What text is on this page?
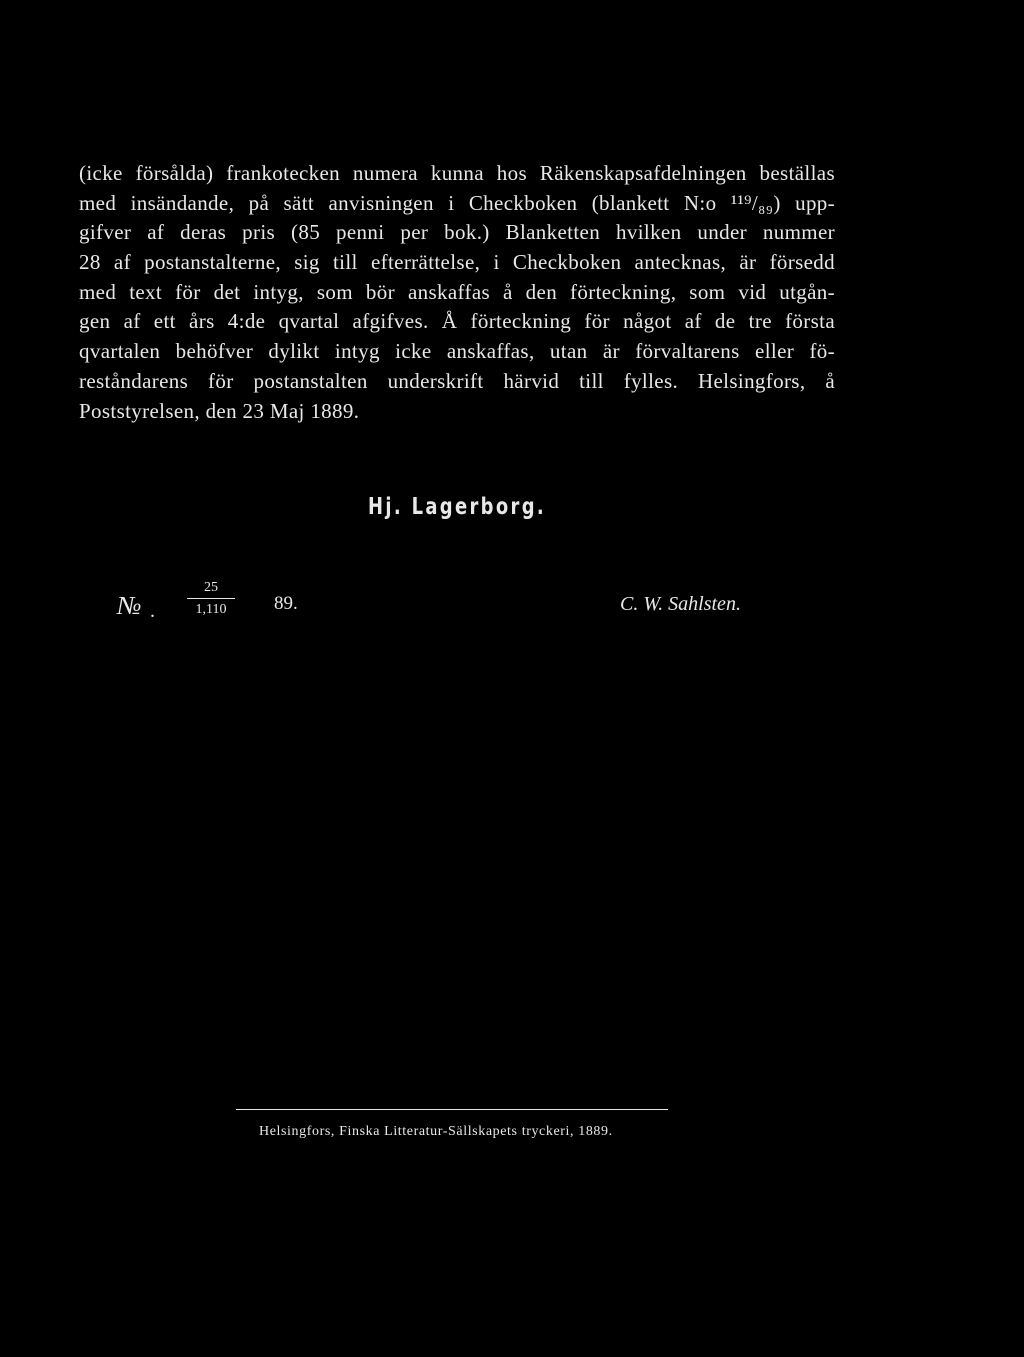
(icke försålda) frankotecken numera kunna hos Räkenskapsafdelningen beställas
med insändande, på sätt anvisningen i Checkboken (blankett N:o ¹¹⁹/₈₉) upp-
gifver af deras pris (85 penni per bok.) Blanketten hvilken under nummer
28 af postanstalterne, sig till efterrättelse, i Checkboken antecknas, är försedd
med text för det intyg, som bör anskaffas å den förteckning, som vid utgån-
gen af ett års 4:de qvartal afgifves. Å förteckning för något af de tre första
qvartalen behöfver dylikt intyg icke anskaffas, utan är förvaltarens eller fö-
reståndarens för postanstalten underskrift härvid till fylles. Helsingfors, å
Poststyrelsen, den 23 Maj 1889.
Hj. Lagerborg.
№ .
25
1,110	89.	C. W. Sahlsten.
Helsingfors, Finska Litteratur-Sällskapets tryckeri, 1889.
